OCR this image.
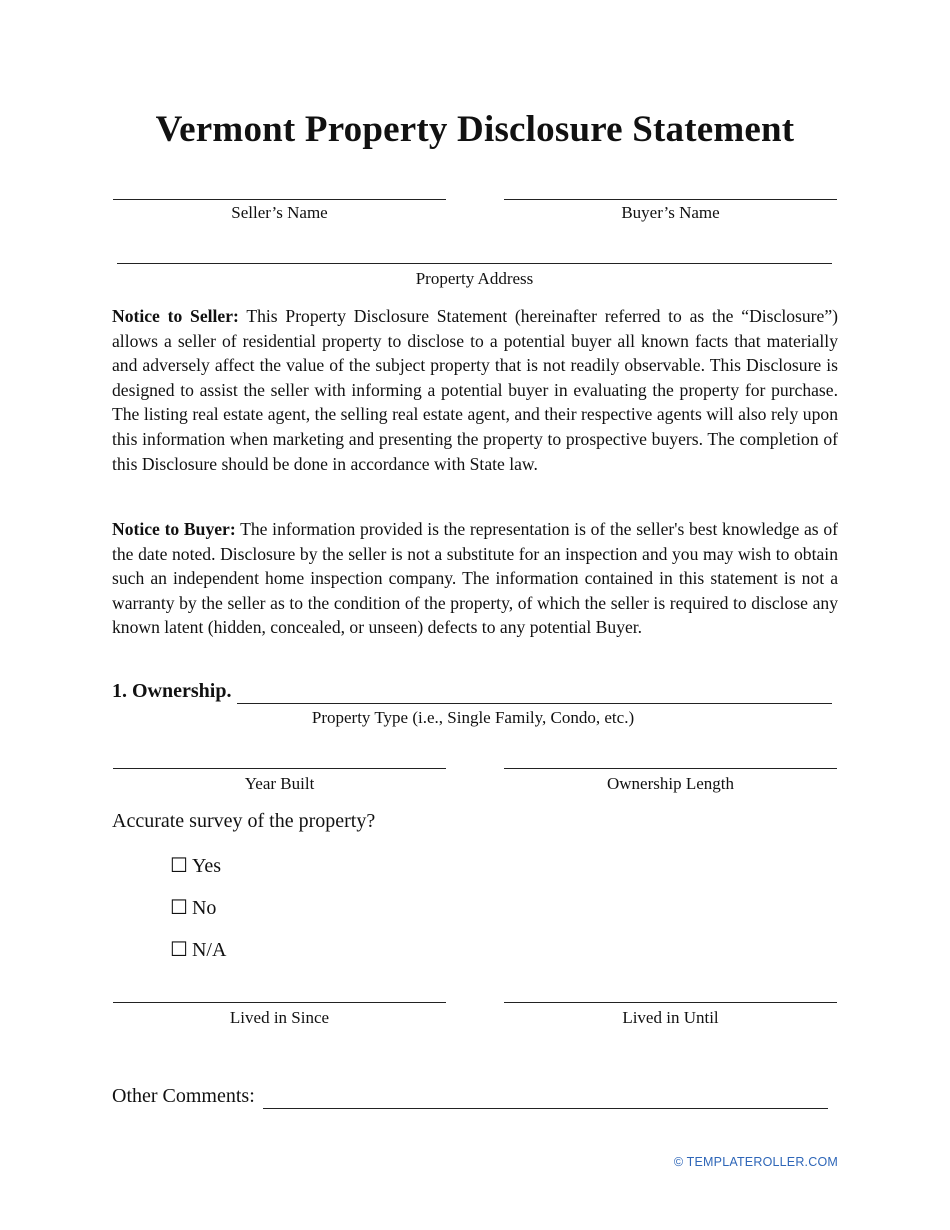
Vermont Property Disclosure Statement
Seller’s Name	Buyer’s Name
Property Address

Notice to Seller: This Property Disclosure Statement (hereinafter referred to as the “Disclosure”) allows a seller of residential property to disclose to a potential buyer all known facts that materially and adversely affect the value of the subject property that is not readily observable. This Disclosure is designed to assist the seller with informing a potential buyer in evaluating the property for purchase. The listing real estate agent, the selling real estate agent, and their respective agents will also rely upon this information when marketing and presenting the property to prospective buyers. The completion of this Disclosure should be done in accordance with State law.

Notice to Buyer: The information provided is the representation is of the seller's best knowledge as of the date noted. Disclosure by the seller is not a substitute for an inspection and you may wish to obtain such an independent home inspection company. The information contained in this statement is not a warranty by the seller as to the condition of the property, of which the seller is required to disclose any known latent (hidden, concealed, or unseen) defects to any potential Buyer.

1. Ownership.
Property Type (i.e., Single Family, Condo, etc.)
Year Built	Ownership Length
Accurate survey of the property?
☐ Yes
☐ No
☐ N/A
Lived in Since	Lived in Until
Other Comments:
© TEMPLATEROLLER.COM
